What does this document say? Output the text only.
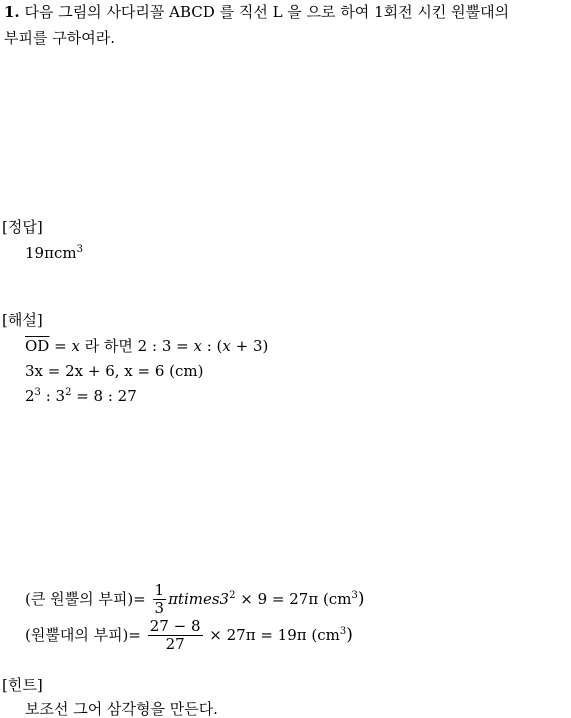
1. 다음 그림의 사다리꼴 ABCD 를 직선 L 을 으로 하여 1회전 시킨 원뿔대의
부피를 구하여라.
[정답]
19πcm$^3$
[해설]
$\overline{OD} = x$ 라 하면 2 : 3 = x : (x + 3)
3x = 2x + 6, x = 6 (cm)
$2^3$ : $3^2 = 8$ : 27
(큰 원뿔의 부피)= $\frac{1}{3}$ $\pi times3^2 \times 9 = 27\pi$ $(cm^3)$
(원뿔대의 부피)= $\frac{27 - 8}{27} \times 27\pi = 19\pi$ $(cm^3)$
[힌트]
보조선 그어 삼각형을 만든다.
